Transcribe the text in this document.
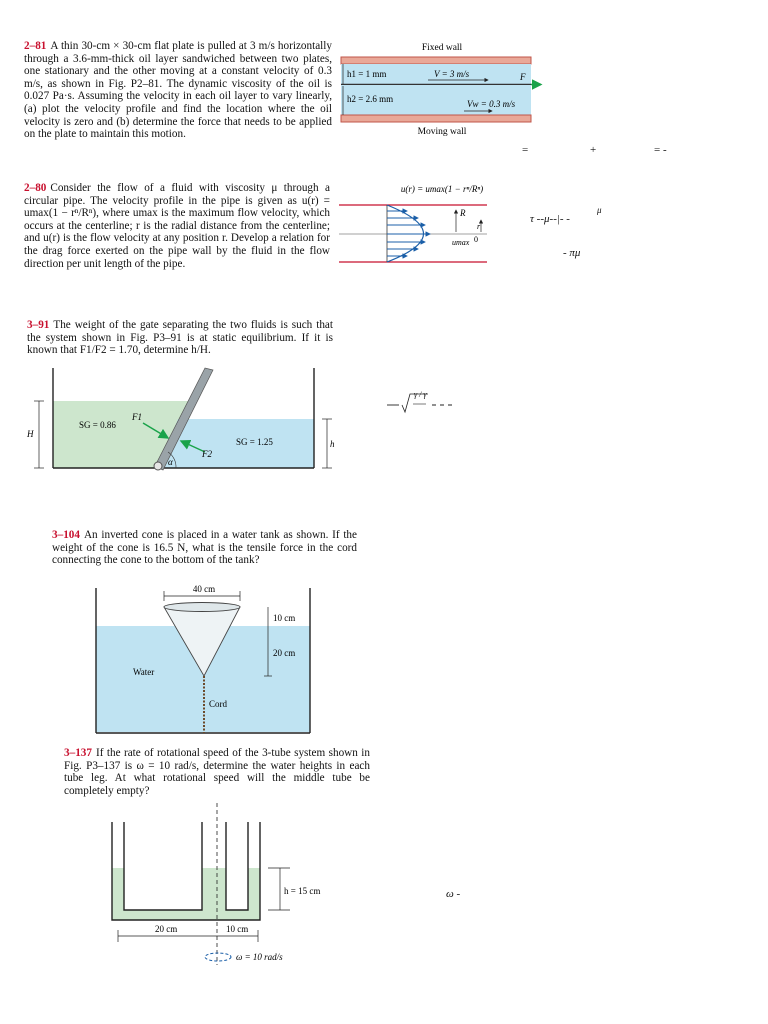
2–81 A thin 30-cm × 30-cm flat plate is pulled at 3 m/s horizontally through a 3.6-mm-thick oil layer sandwiched between two plates, one stationary and the other moving at a constant velocity of 0.3 m/s, as shown in Fig. P2–81. The dynamic viscosity of the oil is 0.027 Pa·s. Assuming the velocity in each oil layer to vary linearly, (a) plot the velocity profile and find the location where the oil velocity is zero and (b) determine the force that needs to be applied on the plate to maintain this motion.
2–80 Consider the flow of a fluid with viscosity μ through a circular pipe. The velocity profile in the pipe is given as u(r) = umax(1 − rⁿ/Rⁿ), where umax is the maximum flow velocity, which occurs at the centerline; r is the radial distance from the centerline; and u(r) is the flow velocity at any position r. Develop a relation for the drag force exerted on the pipe wall by the fluid in the flow direction per unit length of the pipe.
3–91 The weight of the gate separating the two fluids is such that the system shown in Fig. P3–91 is at static equilibrium. If it is known that F1/F2 = 1.70, determine h/H.
3–104 An inverted cone is placed in a water tank as shown. If the weight of the cone is 16.5 N, what is the tensile force in the cord connecting the cone to the bottom of the tank?
3–137 If the rate of rotational speed of the 3-tube system shown in Fig. P3–137 is ω = 10 rad/s, determine the water heights in each tube leg. At what rotational speed will the middle tube be completely empty?
Fixed wall
Moving wall
h1 = 1 mm
h2 = 2.6 mm
V = 3 m/s	F
Vw = 0.3 m/s
u(r) = umax(1 − rⁿ/Rⁿ)
R
r
0
umax
H
h
SG = 0.86
SG = 1.25
F1
F2
α
40 cm
10 cm
20 cm
Water
Cord
h = 15 cm
20 cm	10 cm
ω = 10 rad/s
=	+	= -
τ --μ--|- -
μ
- πμ
γ / γ
ω -
